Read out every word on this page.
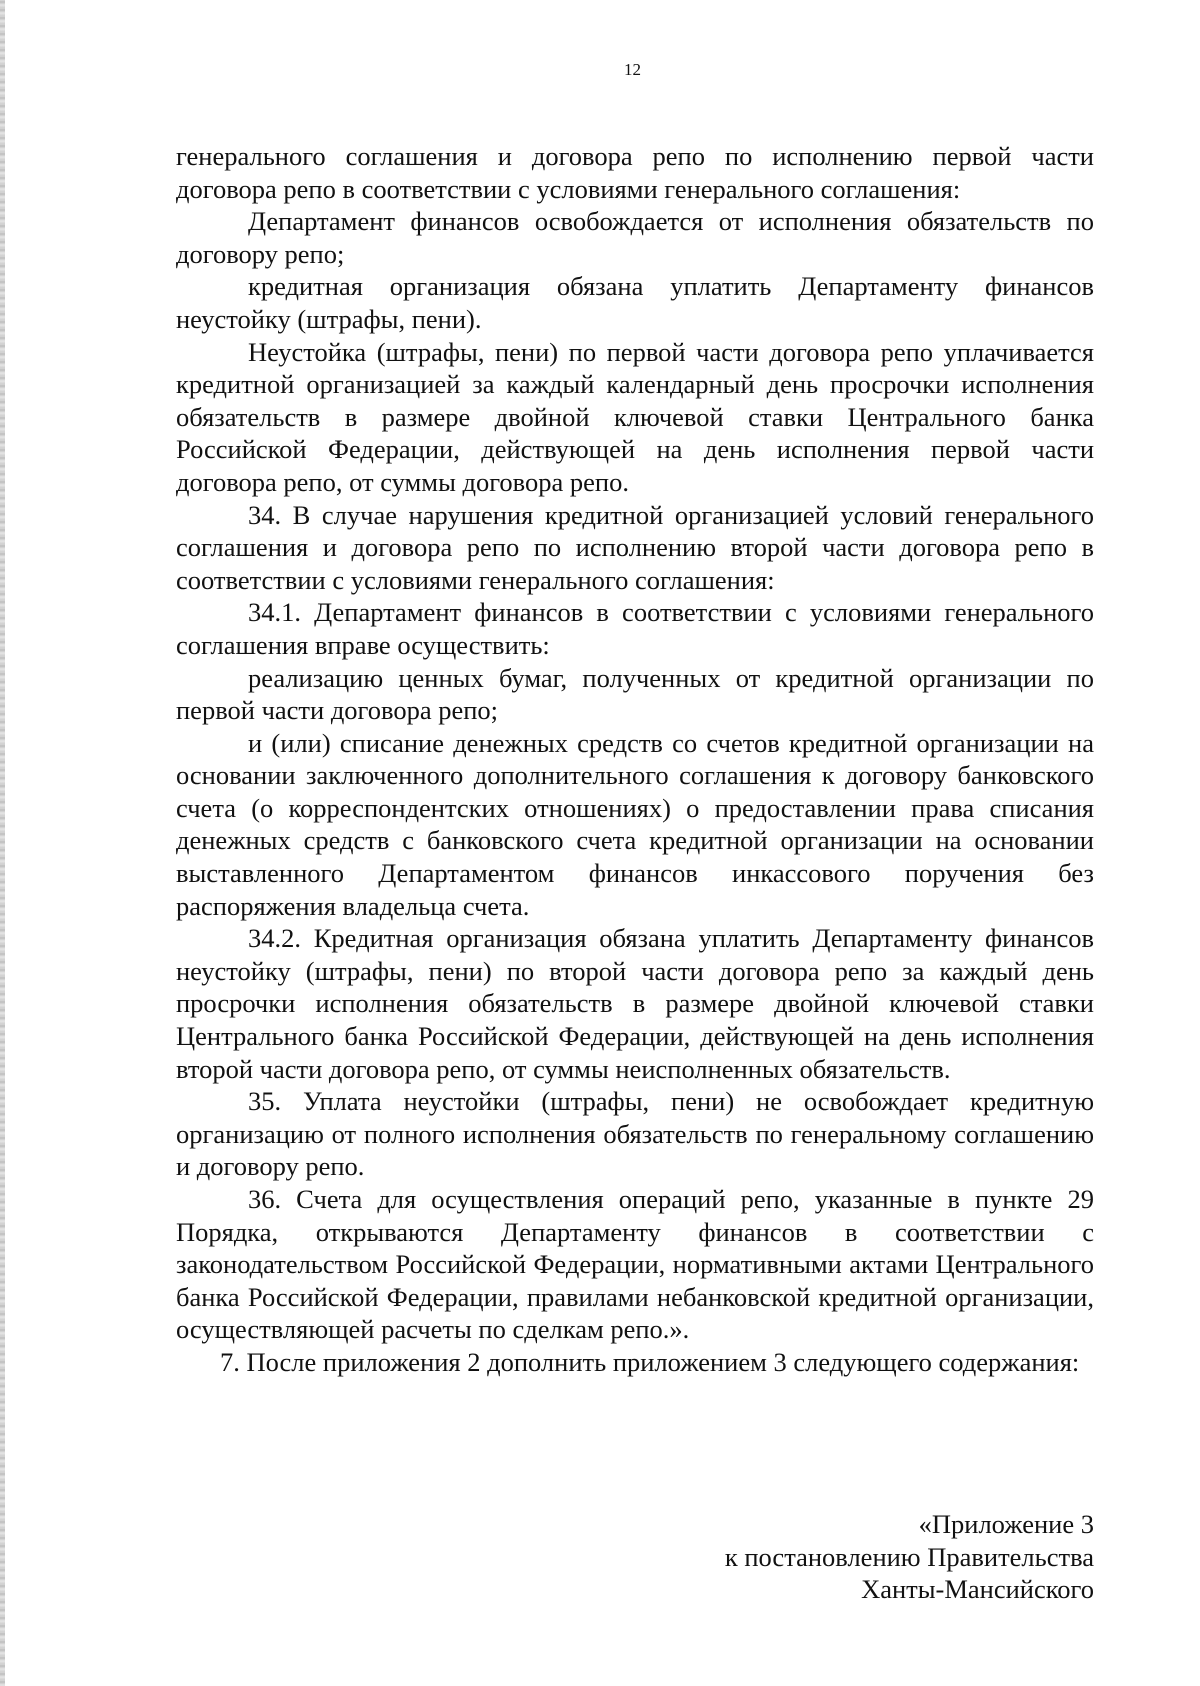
12

генерального соглашения и договора репо по исполнению первой части договора репо в соответствии с условиями генерального соглашения:

Департамент финансов освобождается от исполнения обязательств по договору репо;

кредитная организация обязана уплатить Департаменту финансов неустойку (штрафы, пени).

Неустойка (штрафы, пени) по первой части договора репо уплачивается кредитной организацией за каждый календарный день просрочки исполнения обязательств в размере двойной ключевой ставки Центрального банка Российской Федерации, действующей на день исполнения первой части договора репо, от суммы договора репо.

34. В случае нарушения кредитной организацией условий генерального соглашения и договора репо по исполнению второй части договора репо в соответствии с условиями генерального соглашения:

34.1. Департамент финансов в соответствии с условиями генерального соглашения вправе осуществить:

реализацию ценных бумаг, полученных от кредитной организации по первой части договора репо;

и (или) списание денежных средств со счетов кредитной организации на основании заключенного дополнительного соглашения к договору банковского счета (о корреспондентских отношениях) о предоставлении права списания денежных средств с банковского счета кредитной организации на основании выставленного Департаментом финансов инкассового поручения без распоряжения владельца счета.

34.2. Кредитная организация обязана уплатить Департаменту финансов неустойку (штрафы, пени) по второй части договора репо за каждый день просрочки исполнения обязательств в размере двойной ключевой ставки Центрального банка Российской Федерации, действующей на день исполнения второй части договора репо, от суммы неисполненных обязательств.

35. Уплата неустойки (штрафы, пени) не освобождает кредитную организацию от полного исполнения обязательств по генеральному соглашению и договору репо.

36. Счета для осуществления операций репо, указанные в пункте 29 Порядка, открываются Департаменту финансов в соответствии с законодательством Российской Федерации, нормативными актами Центрального банка Российской Федерации, правилами небанковской кредитной организации, осуществляющей расчеты по сделкам репо.».

7. После приложения 2 дополнить приложением 3 следующего содержания:

«Приложение 3
к постановлению Правительства
Ханты-Мансийского
